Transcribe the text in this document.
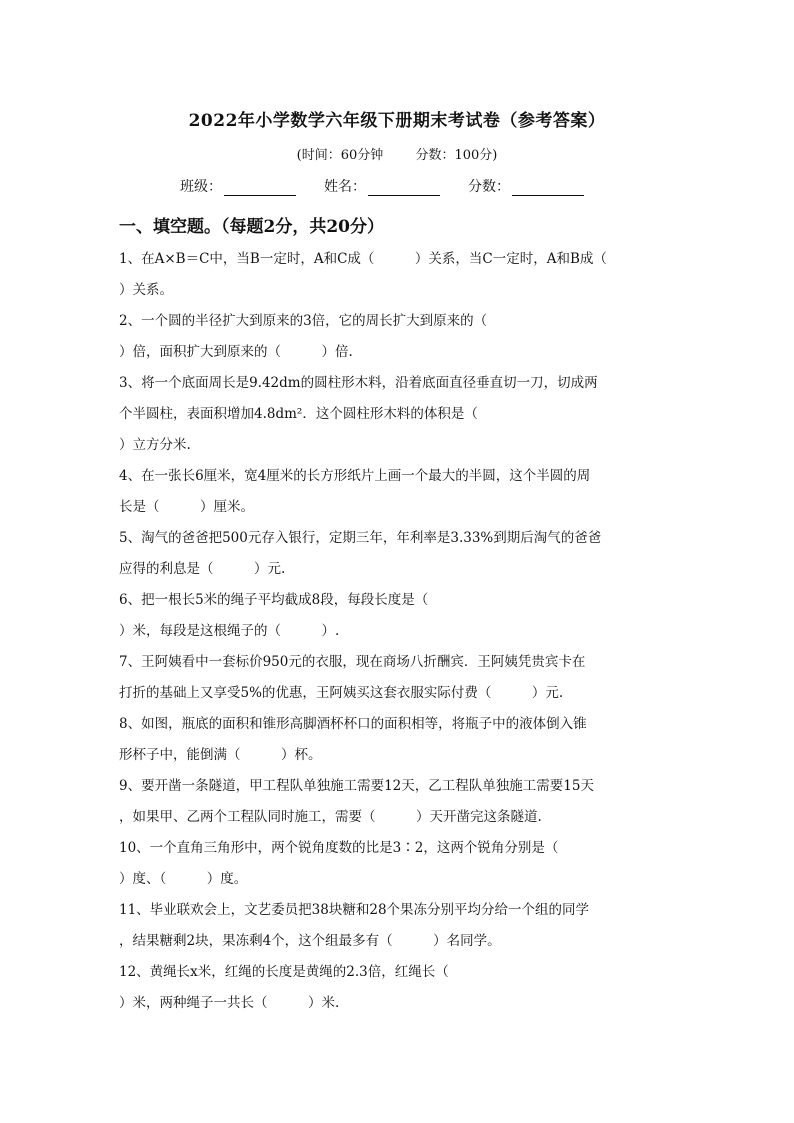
2022年小学数学六年级下册期末考试卷（参考答案）
(时间：60分钟 分数：100分)
班级：	姓名：	分数：
一、填空题。（每题2分，共20分）
1、在A×B＝C中，当B一定时，A和C成（　　　）关系，当C一定时，A和B成（
）关系。
2、一个圆的半径扩大到原来的3倍，它的周长扩大到原来的（
）倍，面积扩大到原来的（　　　）倍.
3、将一个底面周长是9.42dm的圆柱形木料，沿着底面直径垂直切一刀，切成两
个半圆柱，表面积增加4.8dm²．这个圆柱形木料的体积是（
）立方分米.
4、在一张长6厘米，宽4厘米的长方形纸片上画一个最大的半圆，这个半圆的周
长是（　　　）厘米。
5、淘气的爸爸把500元存入银行，定期三年，年利率是3.33%到期后淘气的爸爸
应得的利息是（　　　）元.
6、把一根长5米的绳子平均截成8段，每段长度是（
）米，每段是这根绳子的（　　　）.
7、王阿姨看中一套标价950元的衣服，现在商场八折酬宾．王阿姨凭贵宾卡在
打折的基础上又享受5%的优惠，王阿姨买这套衣服实际付费（　　　）元.
8、如图，瓶底的面积和锥形高脚酒杯杯口的面积相等，将瓶子中的液体倒入锥
形杯子中，能倒满（　　　）杯。
9、要开凿一条隧道，甲工程队单独施工需要12天，乙工程队单独施工需要15天
，如果甲、乙两个工程队同时施工，需要（　　　）天开凿完这条隧道.
10、一个直角三角形中，两个锐角度数的比是3∶2，这两个锐角分别是（
）度、（　　　）度。
11、毕业联欢会上，文艺委员把38块糖和28个果冻分别平均分给一个组的同学
，结果糖剩2块，果冻剩4个，这个组最多有（　　　）名同学。
12、黄绳长x米，红绳的长度是黄绳的2.3倍，红绳长（
）米，两种绳子一共长（　　　）米.
